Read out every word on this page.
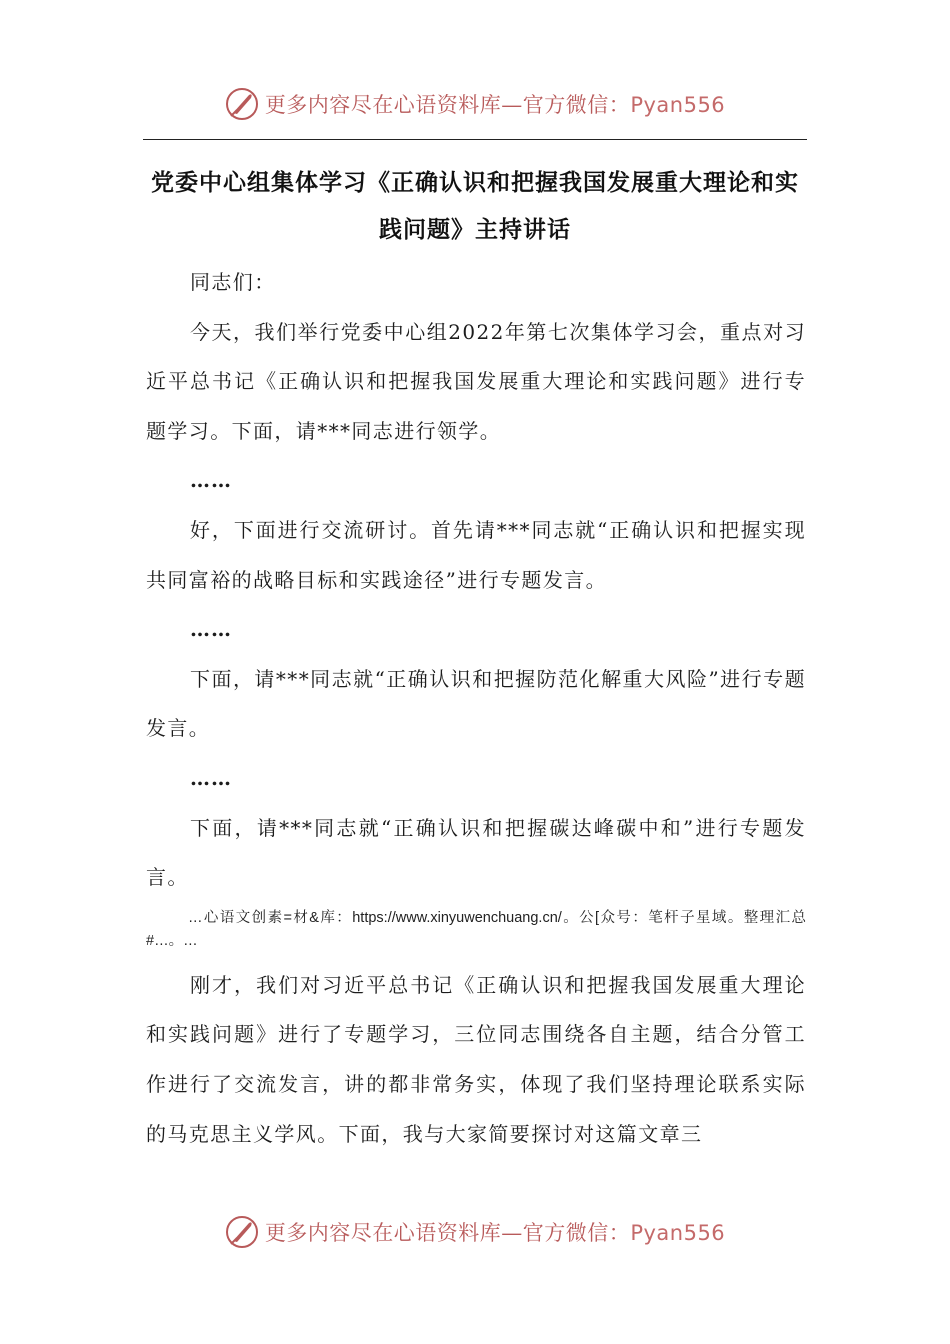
更多内容尽在心语资料库—官方微信：Pyan556
党委中心组集体学习《正确认识和把握我国发展重大理论和实践问题》主持讲话

同志们：

今天，我们举行党委中心组2022年第七次集体学习会，重点对习近平总书记《正确认识和把握我国发展重大理论和实践问题》进行专题学习。下面，请***同志进行领学。

……

好，下面进行交流研讨。首先请***同志就“正确认识和把握实现共同富裕的战略目标和实践途径”进行专题发言。

……

下面，请***同志就“正确认识和把握防范化解重大风险”进行专题发言。

……

下面，请***同志就“正确认识和把握碳达峰碳中和”进行专题发言。

…心语文创素=材&库：https://www.xinyuwenchuang.cn/。公[众号：笔杆子星域。整理汇总#…。…

刚才，我们对习近平总书记《正确认识和把握我国发展重大理论和实践问题》进行了专题学习，三位同志围绕各自主题，结合分管工作进行了交流发言，讲的都非常务实，体现了我们坚持理论联系实际的马克思主义学风。下面，我与大家简要探讨对这篇文章三

更多内容尽在心语资料库—官方微信：Pyan556
